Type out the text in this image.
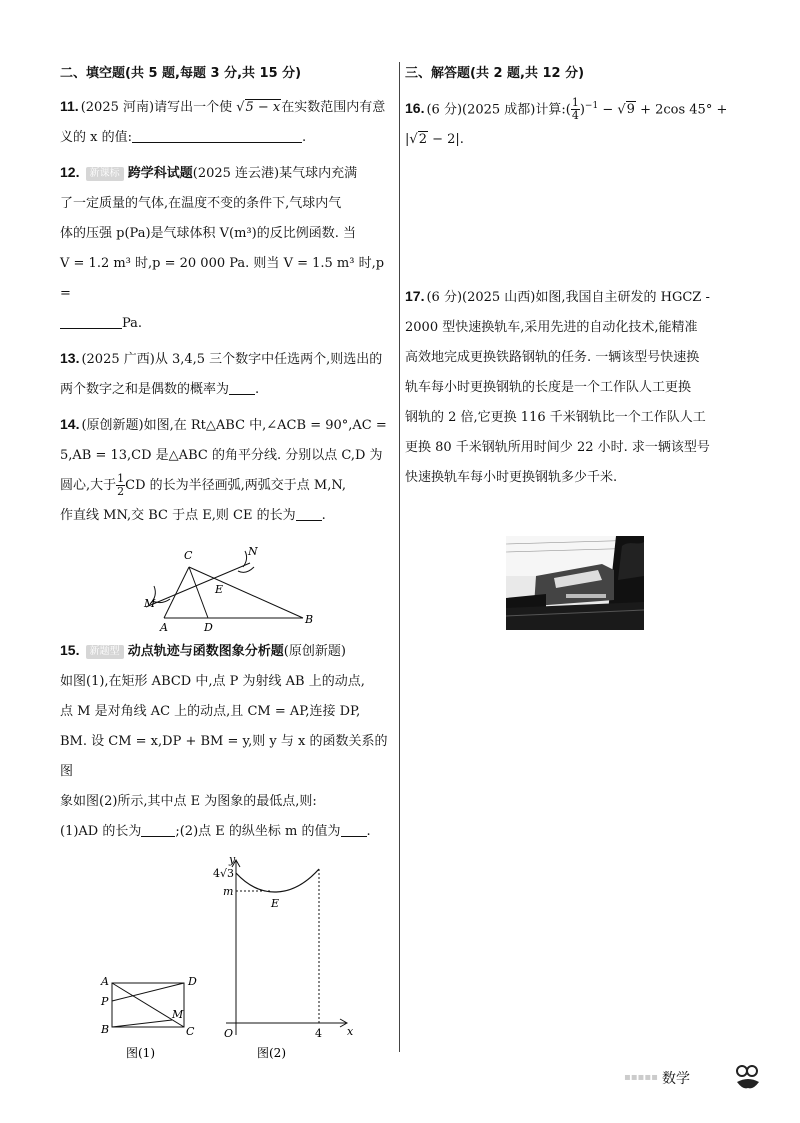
二、填空题(共 5 题,每题 3 分,共 15 分)
11. (2025 河南)请写出一个使 √5 − x在实数范围内有意
义的 x 的值:	.
12. 新课标 跨学科试题(2025 连云港)某气球内充满
了一定质量的气体,在温度不变的条件下,气球内气
体的压强 p(Pa)是气球体积 V(m³)的反比例函数. 当
V = 1.2 m³ 时,p = 20 000 Pa. 则当 V = 1.5 m³ 时,p =
Pa.
13. (2025 广西)从 3,4,5 三个数字中任选两个,则选出的
两个数字之和是偶数的概率为 .
14. (原创新题)如图,在 Rt△ABC 中,∠ACB = 90°,AC =
5,AB = 13,CD 是△ABC 的角平分线. 分别以点 C,D 为
圆心,大于 $\frac{1}{2}$ CD 的长为半径画弧,两弧交于点 M,N,
作直线 MN,交 BC 于点 E,则 CE 的长为 .
C	N
E
M
A	D
B
15. 新题型 动点轨迹与函数图象分析题(原创新题)
如图(1),在矩形 ABCD 中,点 P 为射线 AB 上的动点,
点 M 是对角线 AC 上的动点,且 CM = AP,连接 DP,
BM. 设 CM = x,DP + BM = y,则 y 与 x 的函数关系的图
象如图(2)所示,其中点 E 为图象的最低点,则:
(1)AD 的长为	;(2)点 E 的纵坐标 m 的值为 .
A	D
P
M
B	C
图(1)
y
x
O
4√3
m
E
4
图(2)
三、解答题(共 2 题,共 12 分)
16. (6 分)(2025 成都)计算:( $\frac{1}{4} )^{-1} - √9 + 2\cos$ 45° +
|√2 − 2|.
17. (6 分)(2025 山西)如图,我国自主研发的 HGCZ -
2000 型快速换轨车,采用先进的自动化技术,能精准
高效地完成更换铁路钢轨的任务. 一辆该型号快速换
轨车每小时更换钢轨的长度是一个工作队人工更换
钢轨的 2 倍,它更换 116 千米钢轨比一个工作队人工
更换 80 千米钢轨所用时间少 22 小时. 求一辆该型号
快速换轨车每小时更换钢轨多少千米.
▪▪▪▪▪ 数学
